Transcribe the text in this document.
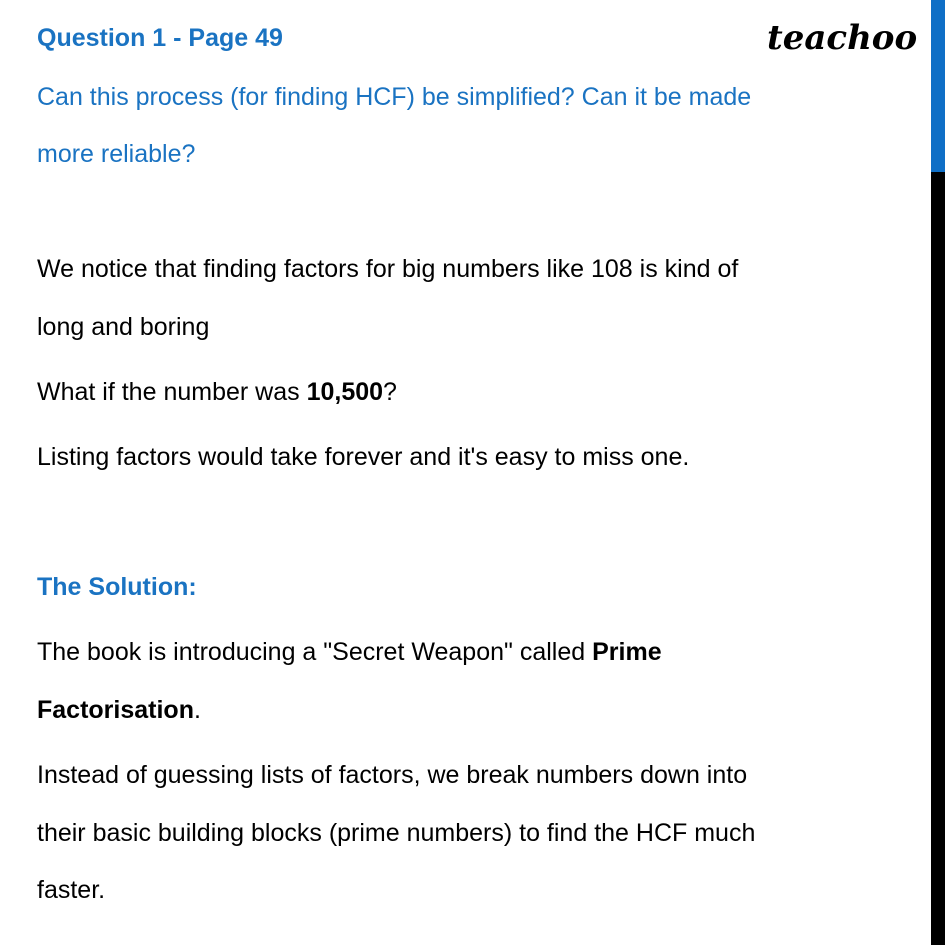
Question 1 - Page 49	teachoo
Can this process (for finding HCF) be simplified? Can it be made
more reliable?
We notice that finding factors for big numbers like 108 is kind of
long and boring
What if the number was 10,500?
Listing factors would take forever and it's easy to miss one.
The Solution:
The book is introducing a "Secret Weapon" called Prime
Factorisation.
Instead of guessing lists of factors, we break numbers down into
their basic building blocks (prime numbers) to find the HCF much
faster.
